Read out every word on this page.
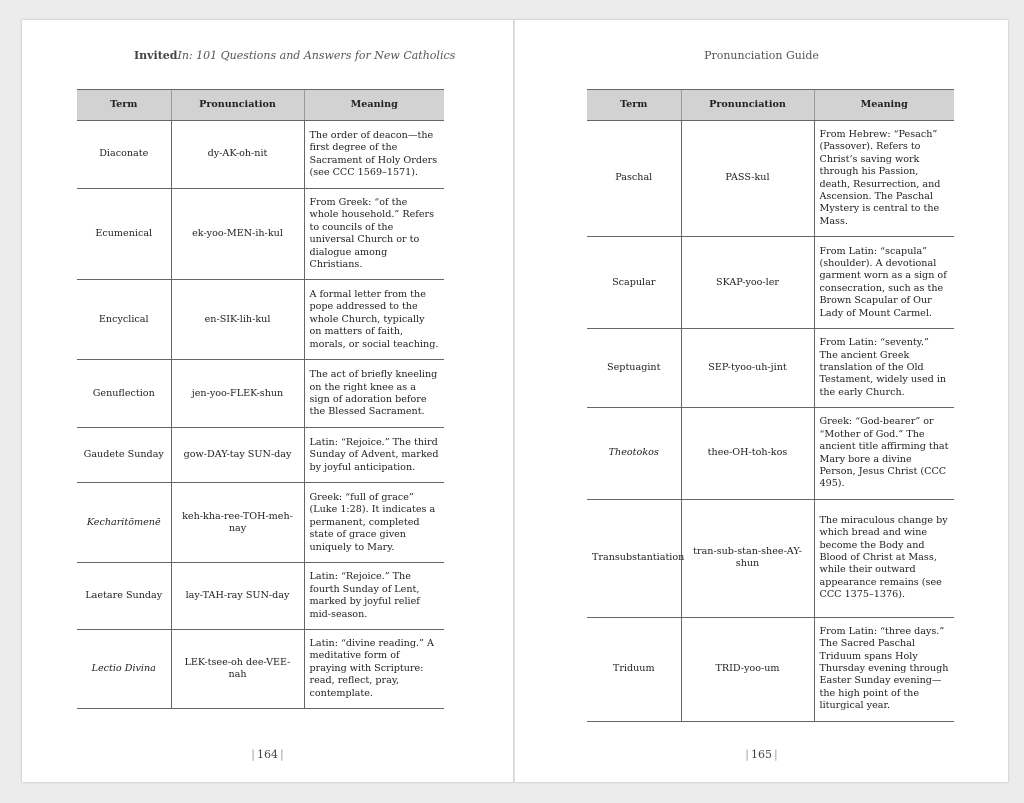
InvitedIn: 101 Questions and Answers for New Catholics
Term	Pronunciation	Meaning
Diaconate	dy-AK-oh-nit	The order of deacon—the first degree of the Sacrament of Holy Orders (see CCC 1569–1571).
Ecumenical	ek-yoo-MEN-ih-kul	From Greek: “of the whole household.” Refers to councils of the universal Church or to dialogue among Christians.
Encyclical	en-SIK-lih-kul	A formal letter from the pope addressed to the whole Church, typically on matters of faith, morals, or social teaching.
Genuflection	jen-yoo-FLEK-shun	The act of briefly kneeling on the right knee as a sign of adoration before the Blessed Sacrament.
Gaudete Sunday	gow-DAY-tay SUN-day	Latin: “Rejoice.” The third Sunday of Advent, marked by joyful anticipation.
Kecharitōmenē	keh-kha-ree-TOH-meh-nay	Greek: “full of grace” (Luke 1:28). It indicates a permanent, completed state of grace given uniquely to Mary.
Laetare Sunday	lay-TAH-ray SUN-day	Latin: “Rejoice.” The fourth Sunday of Lent, marked by joyful relief mid-season.
Lectio Divina	LEK-tsee-oh dee-VEE-nah	Latin: “divine reading.” A meditative form of praying with Scripture: read, reflect, pray, contemplate.
| 164 |
Pronunciation Guide
Term	Pronunciation	Meaning
Paschal	PASS-kul	From Hebrew: “Pesach” (Passover). Refers to Christ’s saving work through his Passion, death, Resurrection, and Ascension. The Paschal Mystery is central to the Mass.
Scapular	SKAP-yoo-ler	From Latin: “scapula” (shoulder). A devotional garment worn as a sign of consecration, such as the Brown Scapular of Our Lady of Mount Carmel.
Septuagint	SEP-tyoo-uh-jint	From Latin: “seventy.” The ancient Greek translation of the Old Testament, widely used in the early Church.
Theotokos	thee-OH-toh-kos	Greek: “God-bearer” or “Mother of God.” The ancient title affirming that Mary bore a divine Person, Jesus Christ (CCC 495).
Transubstantiation	tran-sub-stan-shee-AY-shun	The miraculous change by which bread and wine become the Body and Blood of Christ at Mass, while their outward appearance remains (see CCC 1375–1376).
Triduum	TRID-yoo-um	From Latin: “three days.” The Sacred Paschal Triduum spans Holy Thursday evening through Easter Sunday evening—the high point of the liturgical year.
| 165 |
